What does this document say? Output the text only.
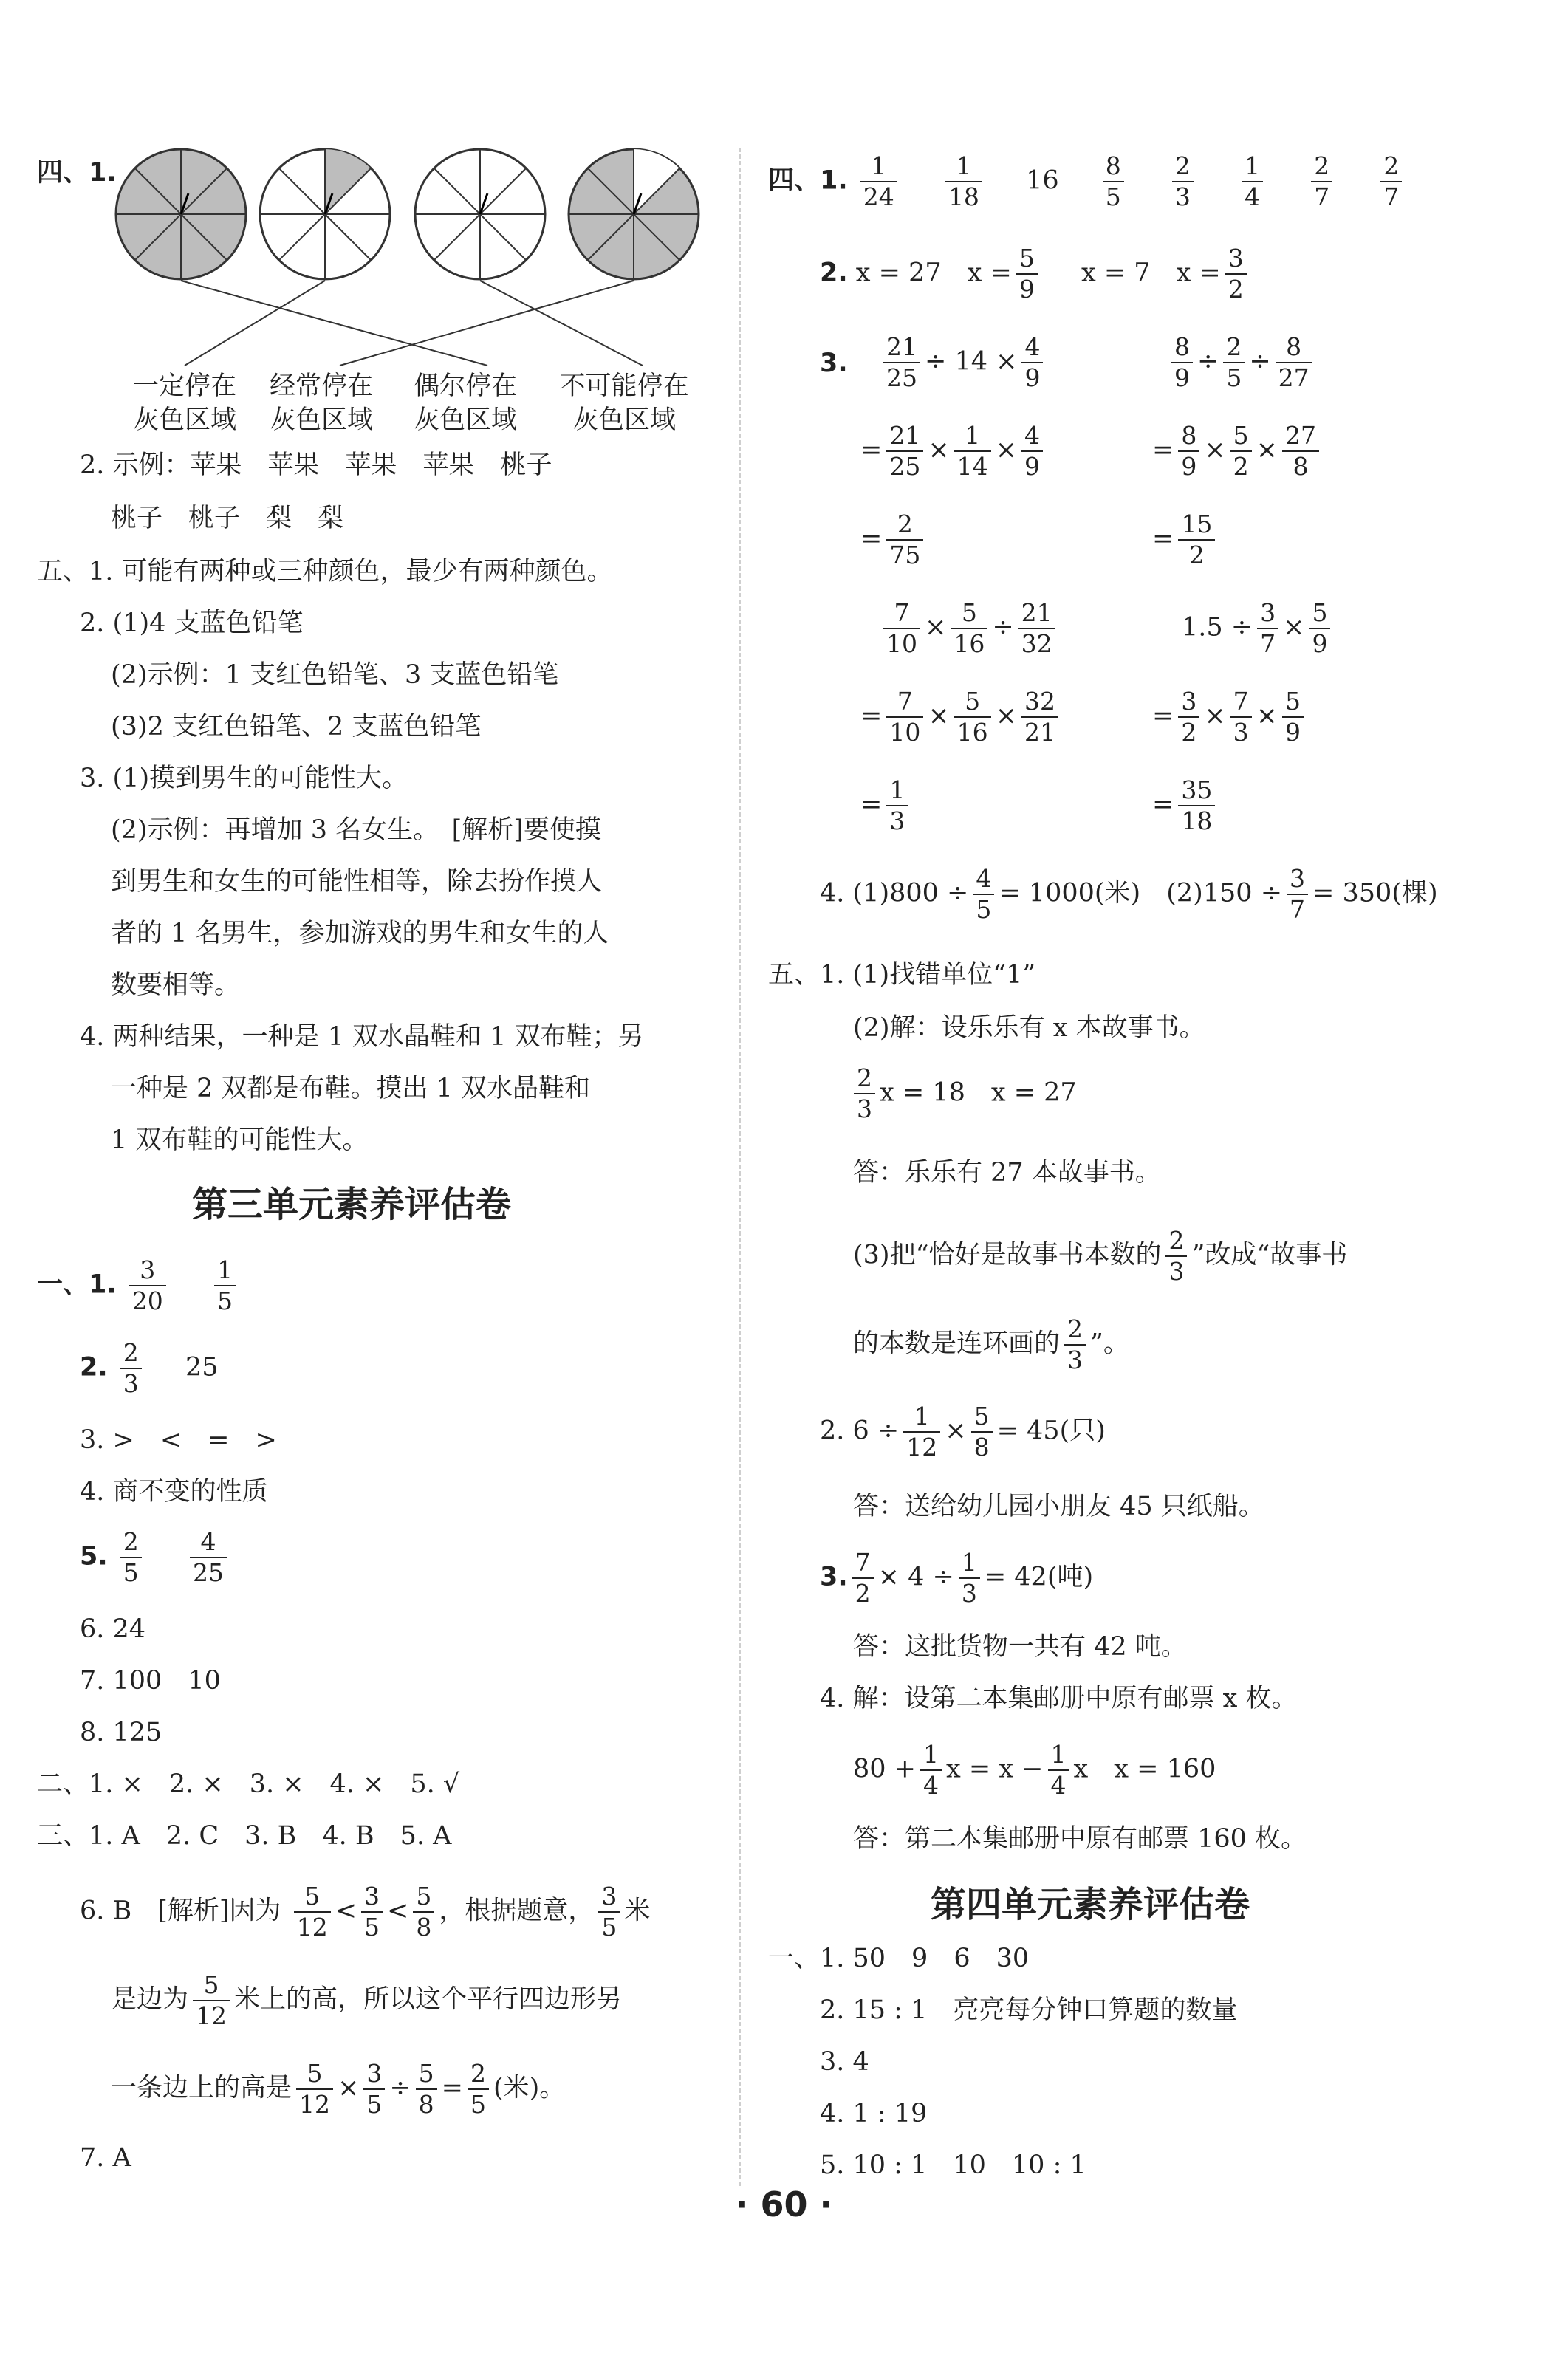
四、1.
一定停在
灰色区域
经常停在
灰色区域
偶尔停在
灰色区域
不可能停在
灰色区域
2. 示例：苹果　苹果　苹果　苹果　桃子
桃子　桃子　梨　梨
五、1. 可能有两种或三种颜色，最少有两种颜色。
2. (1)4 支蓝色铅笔
(2)示例：1 支红色铅笔、3 支蓝色铅笔
(3)2 支红色铅笔、2 支蓝色铅笔
3. (1)摸到男生的可能性大。
(2)示例：再增加 3 名女生。　[解析]要使摸
到男生和女生的可能性相等，除去扮作摸人
者的 1 名男生，参加游戏的男生和女生的人
数要相等。
4. 两种结果，一种是 1 双水晶鞋和 1 双布鞋；另
一种是 2 双都是布鞋。摸出 1 双水晶鞋和
1 双布鞋的可能性大。
第三单元素养评估卷
一、1. $\frac{3}{20}$
$\frac{1}{5}$
2. $\frac{2}{3} 25$
3. >　<　=　>
4. 商不变的性质
5. $\frac{2}{5}$
$\frac{4}{25}$
6. 24
7. 100　10
8. 125
二、1. ×　2. ×　3. ×　4. ×　5. √
三、1. A　2. C　3. B　4. B　5. A
6. B　[解析]因为 $\frac{5}{12} < \frac{3}{5} < \frac{5}{8}$ ，根据题意， $\frac{3}{5}$ 米
是边为 $\frac{5}{12}$ 米上的高，所以这个平行四边形另
一条边上的高是 $\frac{5}{12} \times \frac{3}{5} \div \frac{5}{8} = \frac{2}{5}$ (米)。
7. A
四、1. $\frac{1}{24}$
$\frac{1}{18} 16 \frac{8}{5}$
$\frac{2}{3}$
$\frac{1}{4}$
$\frac{2}{7}$
$\frac{2}{7}$
2. x = 27　$x = \frac{5}{9}$ x = 7　$x = \frac{3}{2}$
3. $\frac{21}{25} \div 14 \times \frac{4}{9}$
= $\frac{21}{25} \times \frac{1}{14} \times \frac{4}{9}$
= $\frac{2}{75}$
$\frac{8}{9} \div \frac{2}{5} \div \frac{8}{27}$
= $\frac{8}{9} \times \frac{5}{2} \times \frac{27}{8}$
= $\frac{15}{2}$
$\frac{7}{10} \times \frac{5}{16} \div \frac{21}{32}$
= $\frac{7}{10} \times \frac{5}{16} \times \frac{32}{21}$
= $\frac{1}{3}$
$1.5 \div \frac{3}{7} \times \frac{5}{9}$
= $\frac{3}{2} \times \frac{7}{3} \times \frac{5}{9}$
= $\frac{35}{18}$
4. $(1)800 \div \frac{4}{5} = 1000$(米)　$(2)150 \div \frac{3}{7} = 350$(棵)
五、1. (1)找错单位“1”
(2)解：设乐乐有 x 本故事书。
$\frac{2}{3}$ x = 18　x = 27
答：乐乐有 27 本故事书。
(3)把“恰好是故事书本数的 $\frac{2}{3}$ ”改成“故事书
的本数是连环画的 $\frac{2}{3}$ ”。
2. $6 \div \frac{1}{12} \times \frac{5}{8} = 45$(只)
答：送给幼儿园小朋友 45 只纸船。
3. $\frac{7}{2} \times 4 \div \frac{1}{3} = 42$(吨)
答：这批货物一共有 42 吨。
4. 解：设第二本集邮册中原有邮票 x 枚。
$80 + \frac{1}{4}$ $x = x - \frac{1}{4}$ x　x = 160
答：第二本集邮册中原有邮票 160 枚。
第四单元素养评估卷
一、1. 50　9　6　30
2. 15 : 1　亮亮每分钟口算题的数量
3. 4
4. 1 : 19
5. 10 : 1　10　10 : 1
· 60 ·
